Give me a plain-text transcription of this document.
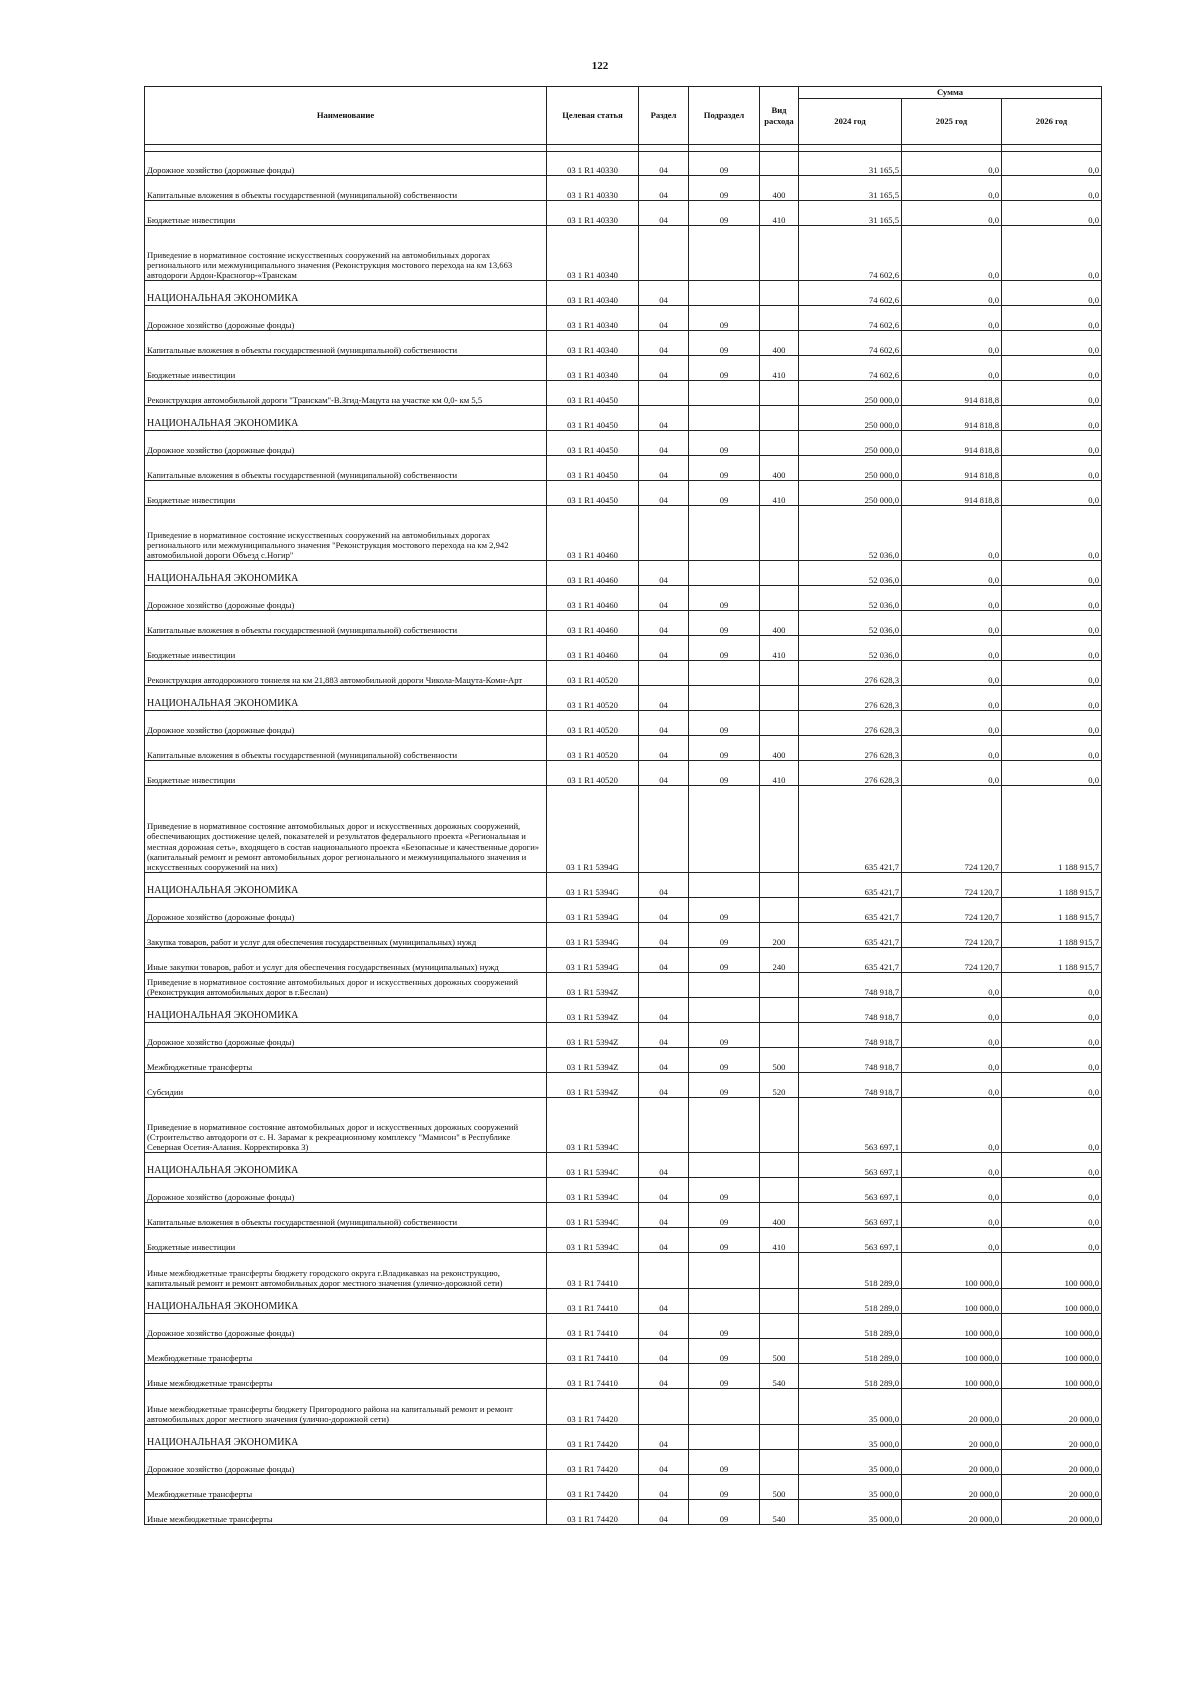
122
Наименование	Целевая статья	Раздел	Подраздел	Вид расхода	Сумма		
					2024 год	2025 год	2026 год

Дорожное хозяйство (дорожные фонды)	03 1 R1 40330	04	09		31 165,5	0,0	0,0
Капитальные вложения в объекты государственной (муниципальной) собственности	03 1 R1 40330	04	09	400	31 165,5	0,0	0,0
Бюджетные инвестиции	03 1 R1 40330	04	09	410	31 165,5	0,0	0,0
Приведение в нормативное состояние искусственных сооружений на автомобильных дорогах регионального или межмуниципального значения (Реконструкция мостового перехода на км 13,663 автодороги Ардон-Красногор-«Транскам	03 1 R1 40340				74 602,6	0,0	0,0
НАЦИОНАЛЬНАЯ ЭКОНОМИКА	03 1 R1 40340	04			74 602,6	0,0	0,0
Дорожное хозяйство (дорожные фонды)	03 1 R1 40340	04	09		74 602,6	0,0	0,0
Капитальные вложения в объекты государственной (муниципальной) собственности	03 1 R1 40340	04	09	400	74 602,6	0,0	0,0
Бюджетные инвестиции	03 1 R1 40340	04	09	410	74 602,6	0,0	0,0
Реконструкция автомобильной дороги "Транскам"-В.Згид-Мацута на участке км 0,0- км 5,5	03 1 R1 40450				250 000,0	914 818,8	0,0
НАЦИОНАЛЬНАЯ ЭКОНОМИКА	03 1 R1 40450	04			250 000,0	914 818,8	0,0
Дорожное хозяйство (дорожные фонды)	03 1 R1 40450	04	09		250 000,0	914 818,8	0,0
Капитальные вложения в объекты государственной (муниципальной) собственности	03 1 R1 40450	04	09	400	250 000,0	914 818,8	0,0
Бюджетные инвестиции	03 1 R1 40450	04	09	410	250 000,0	914 818,8	0,0
Приведение в нормативное состояние искусственных сооружений на автомобильных дорогах регионального или межмуниципального значения "Реконструкция мостового перехода на км 2,942 автомобильной дороги Объезд с.Ногир"	03 1 R1 40460				52 036,0	0,0	0,0
НАЦИОНАЛЬНАЯ ЭКОНОМИКА	03 1 R1 40460	04			52 036,0	0,0	0,0
Дорожное хозяйство (дорожные фонды)	03 1 R1 40460	04	09		52 036,0	0,0	0,0
Капитальные вложения в объекты государственной (муниципальной) собственности	03 1 R1 40460	04	09	400	52 036,0	0,0	0,0
Бюджетные инвестиции	03 1 R1 40460	04	09	410	52 036,0	0,0	0,0
Реконструкция автодорожного тоннеля на км 21,883 автомобильной дороги Чикола-Мацута-Комн-Арт	03 1 R1 40520				276 628,3	0,0	0,0
НАЦИОНАЛЬНАЯ ЭКОНОМИКА	03 1 R1 40520	04			276 628,3	0,0	0,0
Дорожное хозяйство (дорожные фонды)	03 1 R1 40520	04	09		276 628,3	0,0	0,0
Капитальные вложения в объекты государственной (муниципальной) собственности	03 1 R1 40520	04	09	400	276 628,3	0,0	0,0
Бюджетные инвестиции	03 1 R1 40520	04	09	410	276 628,3	0,0	0,0
Приведение в нормативное состояние автомобильных дорог и искусственных дорожных сооружений, обеспечивающих достижение целей, показателей и результатов федерального проекта «Региональная и местная дорожная сеть», входящего в состав национального проекта «Безопасные и качественные дороги» (капитальный ремонт и ремонт автомобильных дорог регионального и межмуниципального значения и искусственных сооружений на них)	03 1 R1 5394G				635 421,7	724 120,7	1 188 915,7
НАЦИОНАЛЬНАЯ ЭКОНОМИКА	03 1 R1 5394G	04			635 421,7	724 120,7	1 188 915,7
Дорожное хозяйство (дорожные фонды)	03 1 R1 5394G	04	09		635 421,7	724 120,7	1 188 915,7
Закупка товаров, работ и услуг для обеспечения государственных (муниципальных) нужд	03 1 R1 5394G	04	09	200	635 421,7	724 120,7	1 188 915,7
Иные закупки товаров, работ и услуг для обеспечения государственных (муниципальных) нужд	03 1 R1 5394G	04	09	240	635 421,7	724 120,7	1 188 915,7
Приведение в нормативное состояние автомобильных дорог и искусственных дорожных сооружений (Реконструкция автомобильных дорог в г.Беслан)	03 1 R1 5394Z				748 918,7	0,0	0,0
НАЦИОНАЛЬНАЯ ЭКОНОМИКА	03 1 R1 5394Z	04			748 918,7	0,0	0,0
Дорожное хозяйство (дорожные фонды)	03 1 R1 5394Z	04	09		748 918,7	0,0	0,0
Межбюджетные трансферты	03 1 R1 5394Z	04	09	500	748 918,7	0,0	0,0
Субсидии	03 1 R1 5394Z	04	09	520	748 918,7	0,0	0,0
Приведение в нормативное состояние автомобильных дорог и искусственных дорожных сооружений (Строительство автодороги от с. Н. Зарамаг к рекреационному комплексу "Мамисон" в Республике Северная Осетия-Алания. Корректировка 3)	03 1 R1 5394C				563 697,1	0,0	0,0
НАЦИОНАЛЬНАЯ ЭКОНОМИКА	03 1 R1 5394C	04			563 697,1	0,0	0,0
Дорожное хозяйство (дорожные фонды)	03 1 R1 5394C	04	09		563 697,1	0,0	0,0
Капитальные вложения в объекты государственной (муниципальной) собственности	03 1 R1 5394C	04	09	400	563 697,1	0,0	0,0
Бюджетные инвестиции	03 1 R1 5394C	04	09	410	563 697,1	0,0	0,0
Иные межбюджетные трансферты бюджету городского округа г.Владикавказ на реконструкцию, капитальный ремонт и ремонт автомобильных дорог местного значения (улично-дорожной сети)	03 1 R1 74410				518 289,0	100 000,0	100 000,0
НАЦИОНАЛЬНАЯ ЭКОНОМИКА	03 1 R1 74410	04			518 289,0	100 000,0	100 000,0
Дорожное хозяйство (дорожные фонды)	03 1 R1 74410	04	09		518 289,0	100 000,0	100 000,0
Межбюджетные трансферты	03 1 R1 74410	04	09	500	518 289,0	100 000,0	100 000,0
Иные межбюджетные трансферты	03 1 R1 74410	04	09	540	518 289,0	100 000,0	100 000,0
Иные межбюджетные трансферты бюджету Пригородного района на капитальный ремонт и ремонт автомобильных дорог местного значения (улично-дорожной сети)	03 1 R1 74420				35 000,0	20 000,0	20 000,0
НАЦИОНАЛЬНАЯ ЭКОНОМИКА	03 1 R1 74420	04			35 000,0	20 000,0	20 000,0
Дорожное хозяйство (дорожные фонды)	03 1 R1 74420	04	09		35 000,0	20 000,0	20 000,0
Межбюджетные трансферты	03 1 R1 74420	04	09	500	35 000,0	20 000,0	20 000,0
Иные межбюджетные трансферты	03 1 R1 74420	04	09	540	35 000,0	20 000,0	20 000,0
